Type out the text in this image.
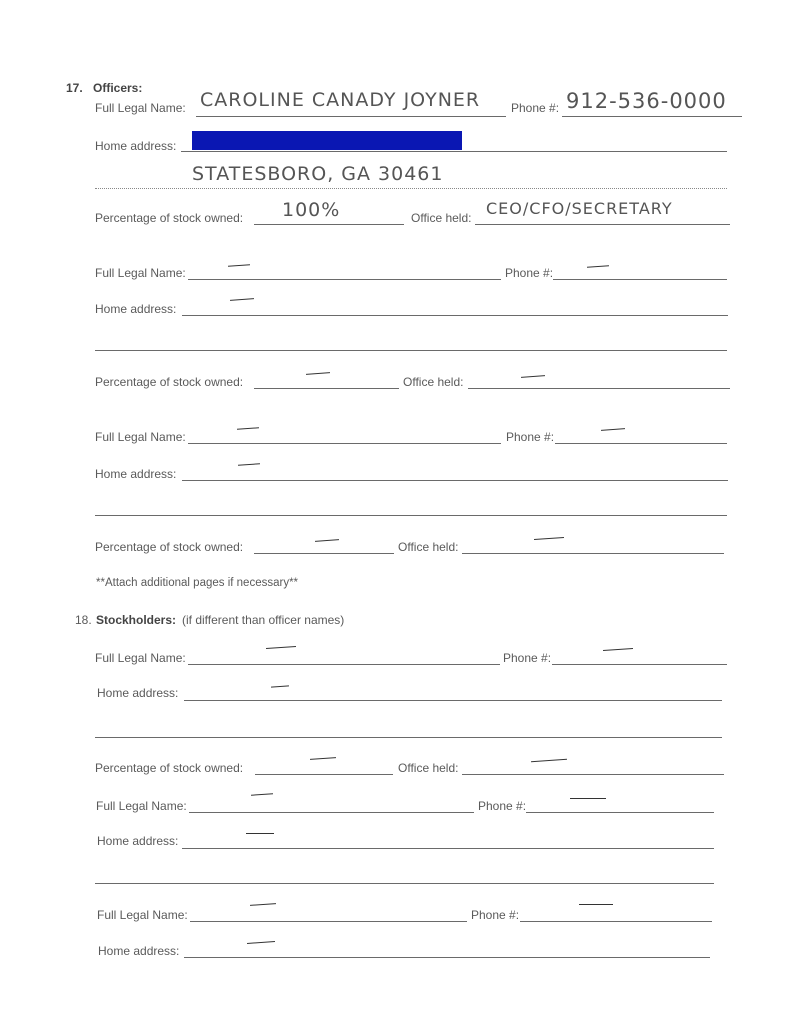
17. Officers:
Full Legal Name: CAROLINE CANADY JOYNER	Phone #: 912-536-0000
Home address:
STATESBORO, GA 30461
Percentage of stock owned: 100%	Office held: CEO/CFO/SECRETARY
Full Legal Name:	Phone #:
Home address:
Percentage of stock owned:	Office held:
Full Legal Name:	Phone #:
Home address:
Percentage of stock owned:	Office held:
**Attach additional pages if necessary**
18. Stockholders: (if different than officer names)
Full Legal Name:	Phone #:
Home address:
Percentage of stock owned:	Office held:
Full Legal Name:	Phone #:
Home address:
Full Legal Name:	Phone #:
Home address:
